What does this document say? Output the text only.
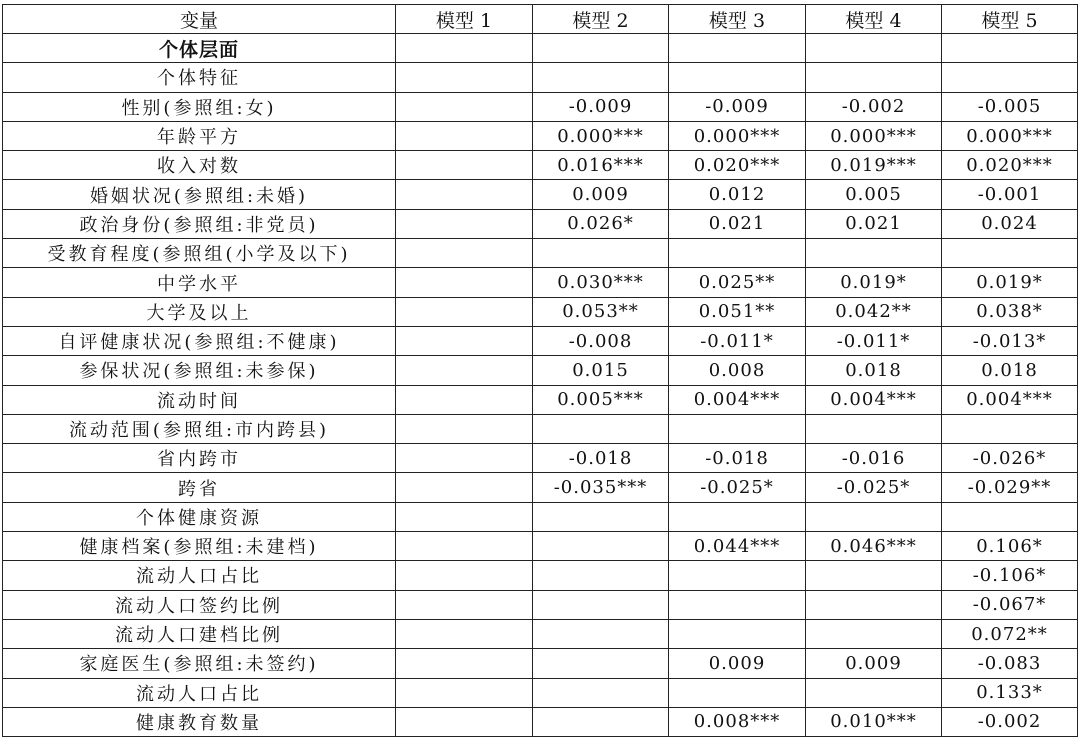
变量	模型 1	模型 2	模型 3	模型 4	模型 5
个体层面					
个体特征					
性别(参照组:女)		-0.009	-0.009	-0.002	-0.005
年龄平方		0.000***	0.000***	0.000***	0.000***
收入对数		0.016***	0.020***	0.019***	0.020***
婚姻状况(参照组:未婚)		0.009	0.012	0.005	-0.001
政治身份(参照组:非党员)		0.026*	0.021	0.021	0.024
受教育程度(参照组(小学及以下)					
中学水平		0.030***	0.025**	0.019*	0.019*
大学及以上		0.053**	0.051**	0.042**	0.038*
自评健康状况(参照组:不健康)		-0.008	-0.011*	-0.011*	-0.013*
参保状况(参照组:未参保)		0.015	0.008	0.018	0.018
流动时间		0.005***	0.004***	0.004***	0.004***
流动范围(参照组:市内跨县)					
省内跨市		-0.018	-0.018	-0.016	-0.026*
跨省		-0.035***	-0.025*	-0.025*	-0.029**
个体健康资源					
健康档案(参照组:未建档)			0.044***	0.046***	0.106*
流动人口占比					-0.106*
流动人口签约比例					-0.067*
流动人口建档比例					0.072**
家庭医生(参照组:未签约)			0.009	0.009	-0.083
流动人口占比					0.133*
健康教育数量			0.008***	0.010***	-0.002
